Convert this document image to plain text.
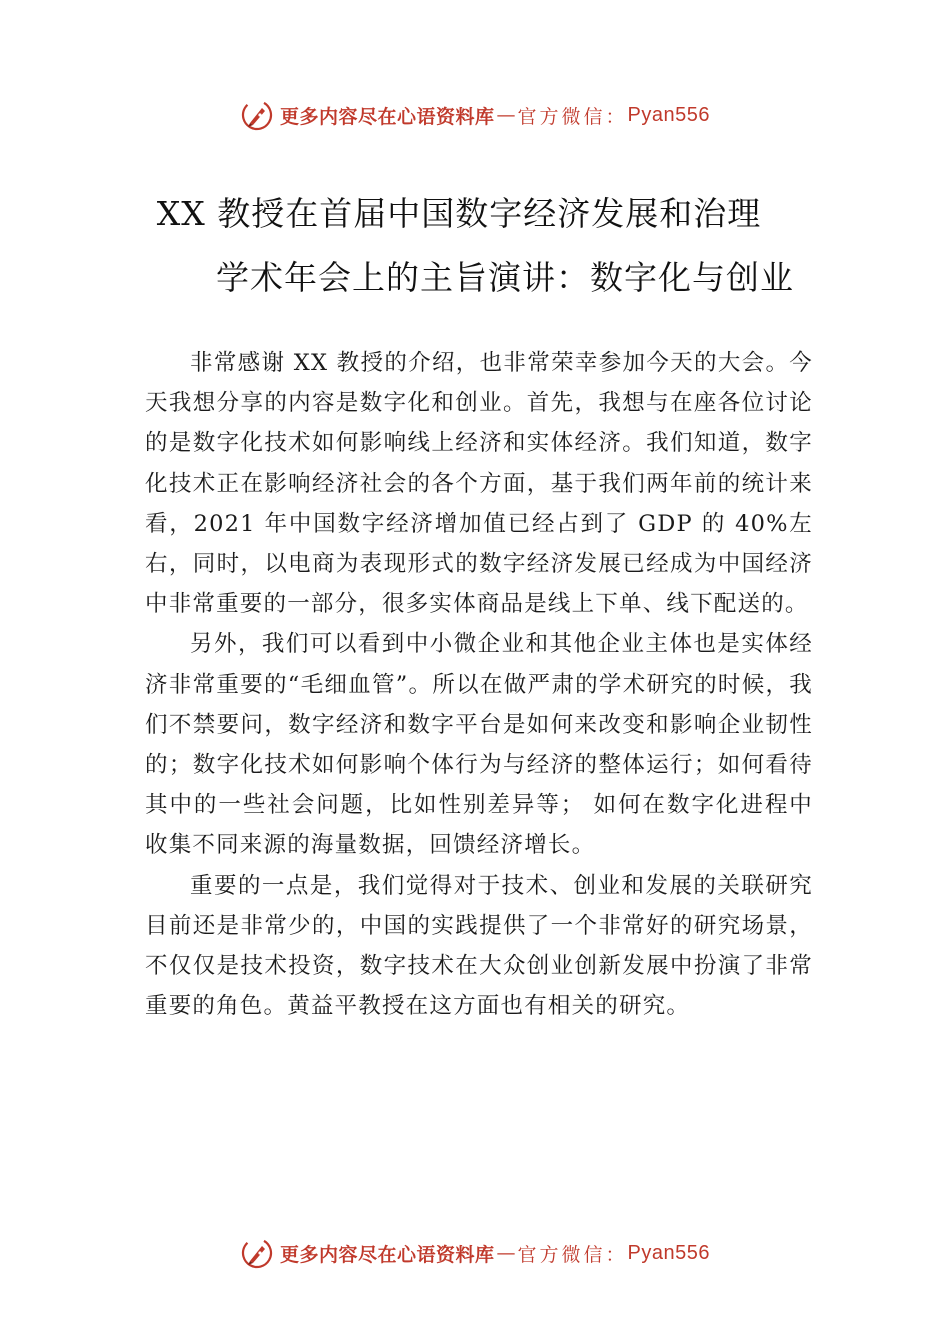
更多内容尽在心语资料库 — 官方微信： Pyan556
XX 教授在首届中国数字经济发展和治理
学术年会上的主旨演讲：数字化与创业

非常感谢 XX 教授的介绍，也非常荣幸参加今天的大会。今天我想分享的内容是数字化和创业。首先，我想与在座各位讨论的是数字化技术如何影响线上经济和实体经济。我们知道，数字化技术正在影响经济社会的各个方面，基于我们两年前的统计来看，2021 年中国数字经济增加值已经占到了 GDP 的 40%左右，同时，以电商为表现形式的数字经济发展已经成为中国经济中非常重要的一部分，很多实体商品是线上下单、线下配送的。

另外，我们可以看到中小微企业和其他企业主体也是实体经济非常重要的“毛细血管”。所以在做严肃的学术研究的时候，我们不禁要问，数字经济和数字平台是如何来改变和影响企业韧性的；数字化技术如何影响个体行为与经济的整体运行；如何看待其中的一些社会问题，比如性别差异等； 如何在数字化进程中收集不同来源的海量数据，回馈经济增长。

重要的一点是，我们觉得对于技术、创业和发展的关联研究目前还是非常少的，中国的实践提供了一个非常好的研究场景，不仅仅是技术投资，数字技术在大众创业创新发展中扮演了非常重要的角色。黄益平教授在这方面也有相关的研究。

更多内容尽在心语资料库 — 官方微信： Pyan556
